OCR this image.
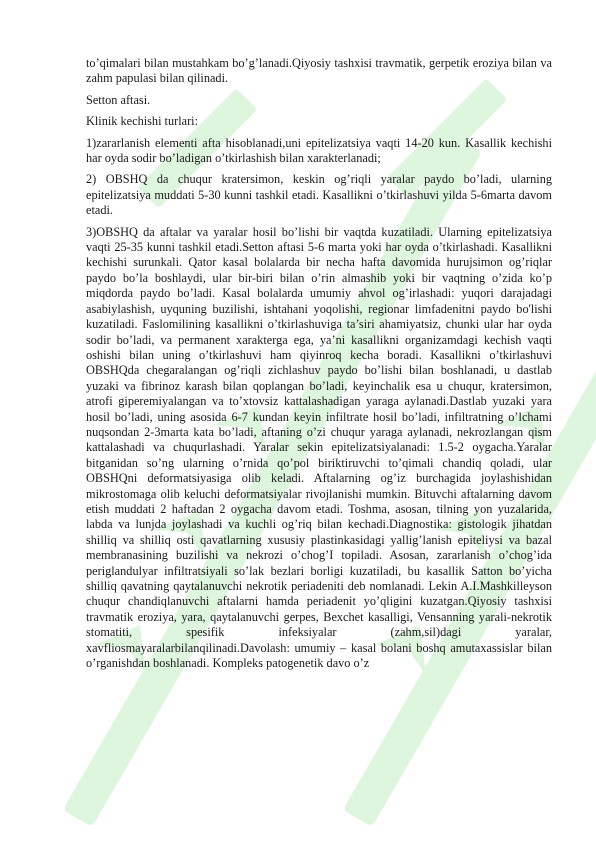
to’qimalari bilan mustahkam bo’g’lanadi.Qiyosiy tashxisi travmatik, gerpetik eroziya bilan va zahm papulasi bilan qilinadi.

Setton aftasi.

Klinik kechishi turlari:

1)zararlanish elementi afta hisoblanadi,uni epitelizatsiya vaqti 14-20 kun. Kasallik kechishi har oyda sodir bo’ladigan o’tkirlashish bilan xarakterlanadi;

2) OBSHQ da chuqur kratersimon, keskin og’riqli yaralar paydo bo’ladi, ularning epitelizatsiya muddati 5-30 kunni tashkil etadi. Kasallikni o’tkirlashuvi yilda 5-6marta davom etadi.

3)OBSHQ da aftalar va yaralar hosil bo’lishi bir vaqtda kuzatiladi. Ularning epitelizatsiya vaqti 25-35 kunni tashkil etadi.Setton aftasi 5-6 marta yoki har oyda o’tkirlashadi. Kasallikni kechishi surunkali. Qator kasal bolalarda bir necha hafta davomida hurujsimon og’riqlar paydo bo’la boshlaydi, ular bir-biri bilan o’rin almashib yoki bir vaqtning o’zida ko’p miqdorda paydo bo’ladi. Kasal bolalarda umumiy ahvol og’irlashadi: yuqori darajadagi asabiylashish, uyquning buzilishi, ishtahani yoqolishi, regionar limfadenitni paydo bo'lishi kuzatiladi. Faslomilining kasallikni o’tkirlashuviga ta’siri ahamiyatsiz, chunki ular har oyda sodir bo’ladi, va permanent xarakterga ega, ya’ni kasallikni organizamdagi kechish vaqti oshishi bilan uning o’tkirlashuvi ham qiyinroq kecha boradi. Kasallikni o’tkirlashuvi OBSHQda chegaralangan og’riqli zichlashuv paydo bo’lishi bilan boshlanadi, u dastlab yuzaki va fibrinoz karash bilan qoplangan bo’ladi, keyinchalik esa u chuqur, kratersimon, atrofi giperemiyalangan va to’xtovsiz kattalashadigan yaraga aylanadi.Dastlab yuzaki yara hosil bo’ladi, uning asosida 6-7 kundan keyin infiltrate hosil bo’ladi, infiltratning o’lchami nuqsondan 2-3marta kata bo’ladi, aftaning o’zi chuqur yaraga aylanadi, nekrozlangan qism kattalashadi va chuqurlashadi. Yaralar sekin epitelizatsiyalanadi: 1.5-2 oygacha.Yaralar bitganidan so’ng ularning o’rnida qo’pol biriktiruvchi to’qimali chandiq qoladi, ular OBSHQni deformatsiyasiga olib keladi. Aftalarning og’iz burchagida joylashishidan mikrostomaga olib keluchi deformatsiyalar rivojlanishi mumkin. Bituvchi aftalarning davom etish muddati 2 haftadan 2 oygacha davom etadi. Toshma, asosan, tilning yon yuzalarida, labda va lunjda joylashadi va kuchli og’riq bilan kechadi.Diagnostika: gistologik jihatdan shilliq va shilliq osti qavatlarning xususiy plastinkasidagi yallig’lanish epiteliysi va bazal membranasining buzilishi va nekrozi o’chog’I topiladi. Asosan, zararlanish o’chog’ida periglandulyar infiltratsiyali so’lak bezlari borligi kuzatiladi, bu kasallik Satton bo’yicha shilliq qavatning qaytalanuvchi nekrotik periadeniti deb nomlanadi. Lekin A.I.Mashkilleyson chuqur chandiqlanuvchi aftalarni hamda periadenit yo’qligini kuzatgan.Qiyosiy tashxisi travmatik eroziya, yara, qaytalanuvchi gerpes, Bexchet kasalligi, Vensanning yarali-nekrotik stomatiti, spesifik infeksiyalar (zahm,sil)dagi yaralar, xavfliosmayaralarbilanqilinadi.Davolash: umumiy – kasal bolani boshq amutaxassislar bilan o’rganishdan boshlanadi. Kompleks patogenetik davo o’z
